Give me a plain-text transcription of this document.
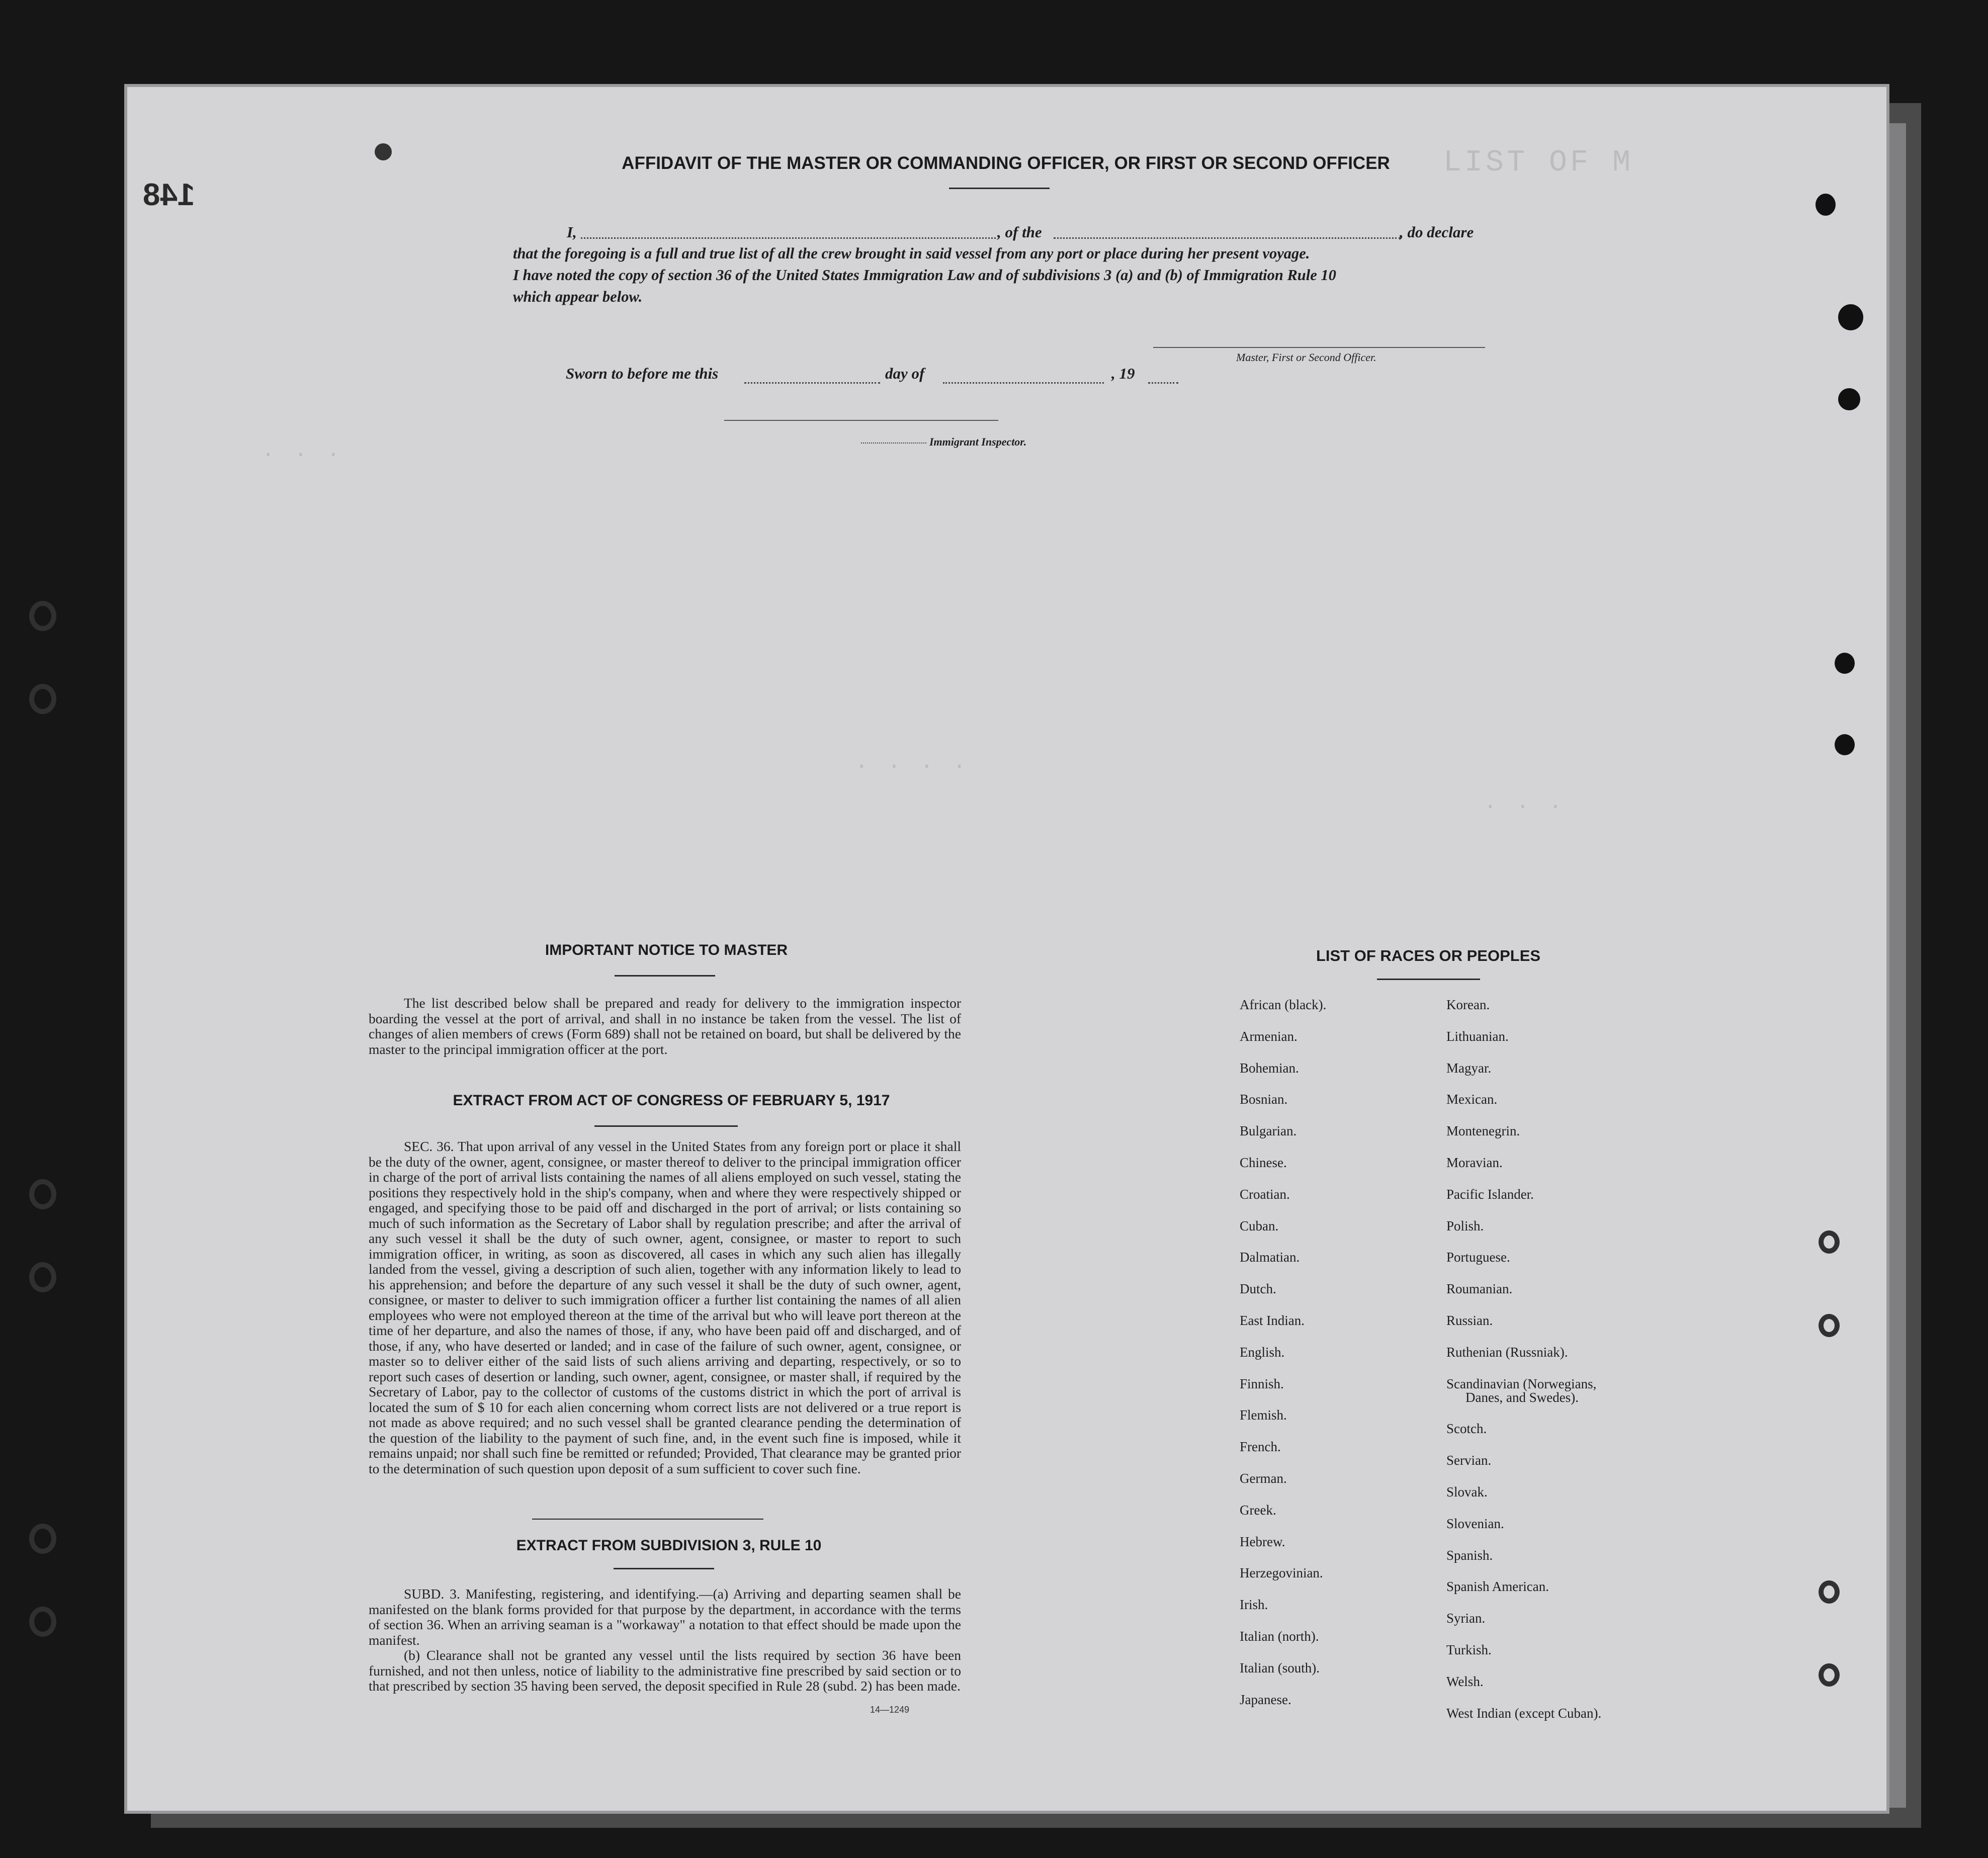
LIST OF M
· · ·
· · · ·
· · ·
148
AFFIDAVIT OF THE MASTER OR COMMANDING OFFICER, OR FIRST OR SECOND OFFICER
I,	, of the	, do declare
that the foregoing is a full and true list of all the crew brought in said vessel from any port or place during her present voyage.
I have noted the copy of section 36 of the United States Immigration Law and of subdivisions 3 (a) and (b) of Immigration Rule 10
which appear below.
Master, First or Second Officer.
Sworn to before me this	day of	, 19
Immigrant Inspector.
IMPORTANT NOTICE TO MASTER
The list described below shall be prepared and ready for delivery to the immigration inspector boarding the vessel at the port of arrival, and shall in no instance be taken from the vessel. The list of changes of alien members of crews (Form 689) shall not be retained on board, but shall be delivered by the master to the principal immigration officer at the port.
EXTRACT FROM ACT OF CONGRESS OF FEBRUARY 5, 1917
SEC. 36. That upon arrival of any vessel in the United States from any foreign port or place it shall be the duty of the owner, agent, consignee, or master thereof to deliver to the principal immigration officer in charge of the port of arrival lists containing the names of all aliens employed on such vessel, stating the positions they respectively hold in the ship's company, when and where they were respectively shipped or engaged, and specifying those to be paid off and discharged in the port of arrival; or lists containing so much of such information as the Secretary of Labor shall by regulation prescribe; and after the arrival of any such vessel it shall be the duty of such owner, agent, consignee, or master to report to such immigration officer, in writing, as soon as discovered, all cases in which any such alien has illegally landed from the vessel, giving a description of such alien, together with any information likely to lead to his apprehension; and before the departure of any such vessel it shall be the duty of such owner, agent, consignee, or master to deliver to such immigration officer a further list containing the names of all alien employees who were not employed thereon at the time of the arrival but who will leave port thereon at the time of her departure, and also the names of those, if any, who have been paid off and discharged, and of those, if any, who have deserted or landed; and in case of the failure of such owner, agent, consignee, or master so to deliver either of the said lists of such aliens arriving and departing, respectively, or so to report such cases of desertion or landing, such owner, agent, consignee, or master shall, if required by the Secretary of Labor, pay to the collector of customs of the customs district in which the port of arrival is located the sum of $ 10 for each alien concerning whom correct lists are not delivered or a true report is not made as above required; and no such vessel shall be granted clearance pending the determination of the question of the liability to the payment of such fine, and, in the event such fine is imposed, while it remains unpaid; nor shall such fine be remitted or refunded; Provided, That clearance may be granted prior to the determination of such question upon deposit of a sum sufficient to cover such fine.
EXTRACT FROM SUBDIVISION 3, RULE 10
SUBD. 3. Manifesting, registering, and identifying.—(a) Arriving and departing seamen shall be manifested on the blank forms provided for that purpose by the department, in accordance with the terms of section 36. When an arriving seaman is a "workaway" a notation to that effect should be made upon the manifest.
(b) Clearance shall not be granted any vessel until the lists required by section 36 have been furnished, and not then unless, notice of liability to the administrative fine prescribed by said section or to that prescribed by section 35 having been served, the deposit specified in Rule 28 (subd. 2) has been made.
14—1249
LIST OF RACES OR PEOPLES
African (black).
Armenian.
Bohemian.
Bosnian.
Bulgarian.
Chinese.
Croatian.
Cuban.
Dalmatian.
Dutch.
East Indian.
English.
Finnish.
Flemish.
French.
German.
Greek.
Hebrew.
Herzegovinian.
Irish.
Italian (north).
Italian (south).
Japanese.
Korean.
Lithuanian.
Magyar.
Mexican.
Montenegrin.
Moravian.
Pacific Islander.
Polish.
Portuguese.
Roumanian.
Russian.
Ruthenian (Russniak).
Scandinavian (Norwegians,
Danes, and Swedes).
Scotch.
Servian.
Slovak.
Slovenian.
Spanish.
Spanish American.
Syrian.
Turkish.
Welsh.
West Indian (except Cuban).
